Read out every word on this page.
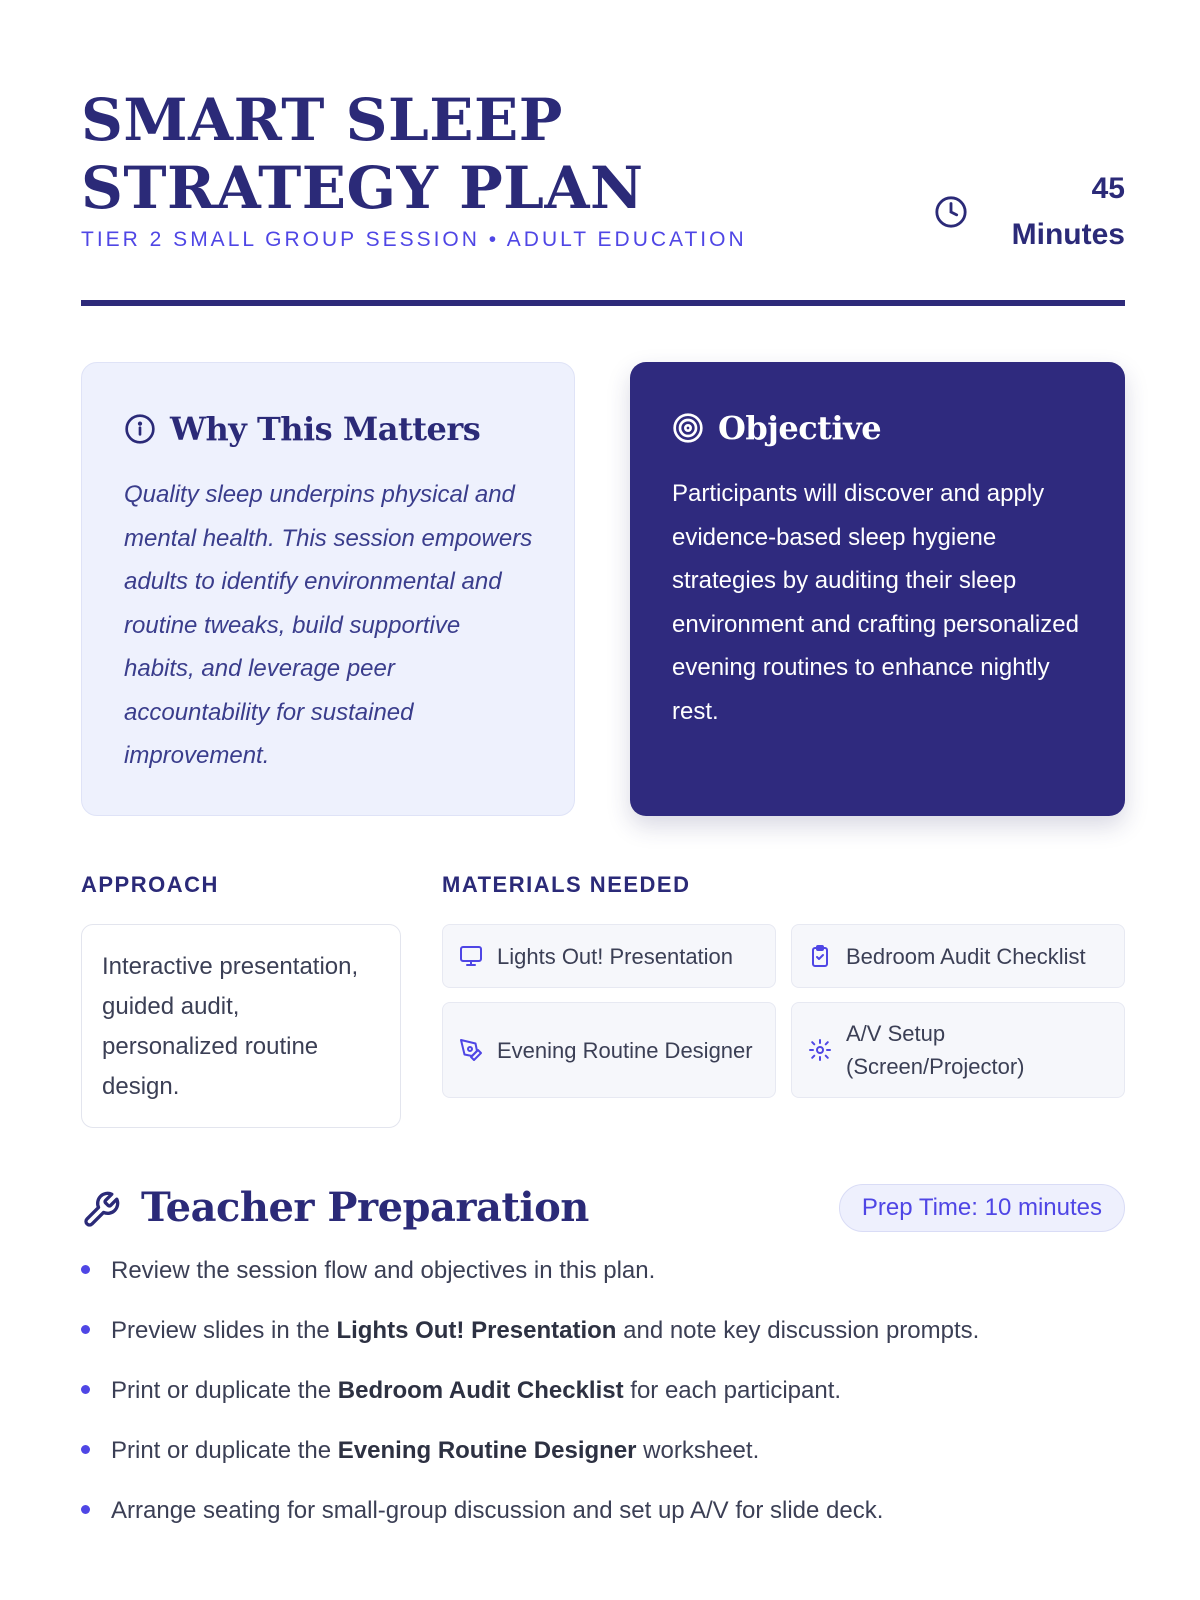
SMART SLEEP STRATEGY PLAN
TIER 2 SMALL GROUP SESSION • ADULT EDUCATION
45
Minutes
Why This Matters

Quality sleep underpins physical and mental health. This session empowers adults to identify environmental and routine tweaks, build supportive habits, and leverage peer accountability for sustained improvement.

Objective

Participants will discover and apply evidence-based sleep hygiene strategies by auditing their sleep environment and crafting personalized evening routines to enhance nightly rest.

APPROACH
Interactive presentation, guided audit, personalized routine design.
MATERIALS NEEDED
Lights Out! Presentation	Bedroom Audit Checklist
Evening Routine Designer
A/V Setup (Screen/Projector)
Teacher Preparation	Prep Time: 10 minutes
Review the session flow and objectives in this plan.
Preview slides in the Lights Out! Presentation and note key discussion prompts.
Print or duplicate the Bedroom Audit Checklist for each participant.
Print or duplicate the Evening Routine Designer worksheet.
Arrange seating for small-group discussion and set up A/V for slide deck.
